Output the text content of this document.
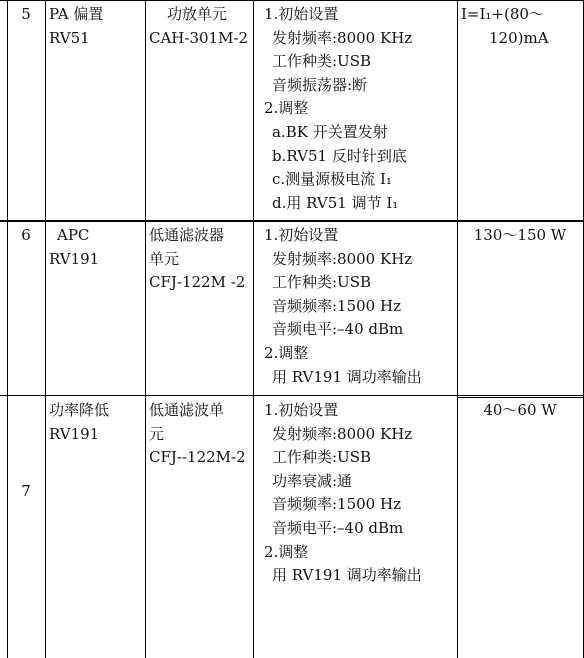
5	PA 偏置
RV51
功放单元
CAH-301M-2
1.初始设置
发射频率:8000 KHz
工作种类:USB
音频振荡器:断
2.调整
a.BK 开关置发射
b.RV51 反时针到底
c.测量源极电流 I₁
d.用 RV51 调节 I₁
I=I₁+(80～
120)mA
6	APC
RV191
低通滤波器
单元
CFJ-122M -2
1.初始设置
发射频率:8000 KHz
工作种类:USB
音频频率:1500 Hz
音频电平:–40 dBm
2.调整
用 RV191 调功率输出
130～150 W
7
功率降低
RV191
低通滤波单
元
CFJ--122M-2
1.初始设置
发射频率:8000 KHz
工作种类:USB
功率衰减:通
音频频率:1500 Hz
音频电平:–40 dBm
2.调整
用 RV191 调功率输出
40～60 W
